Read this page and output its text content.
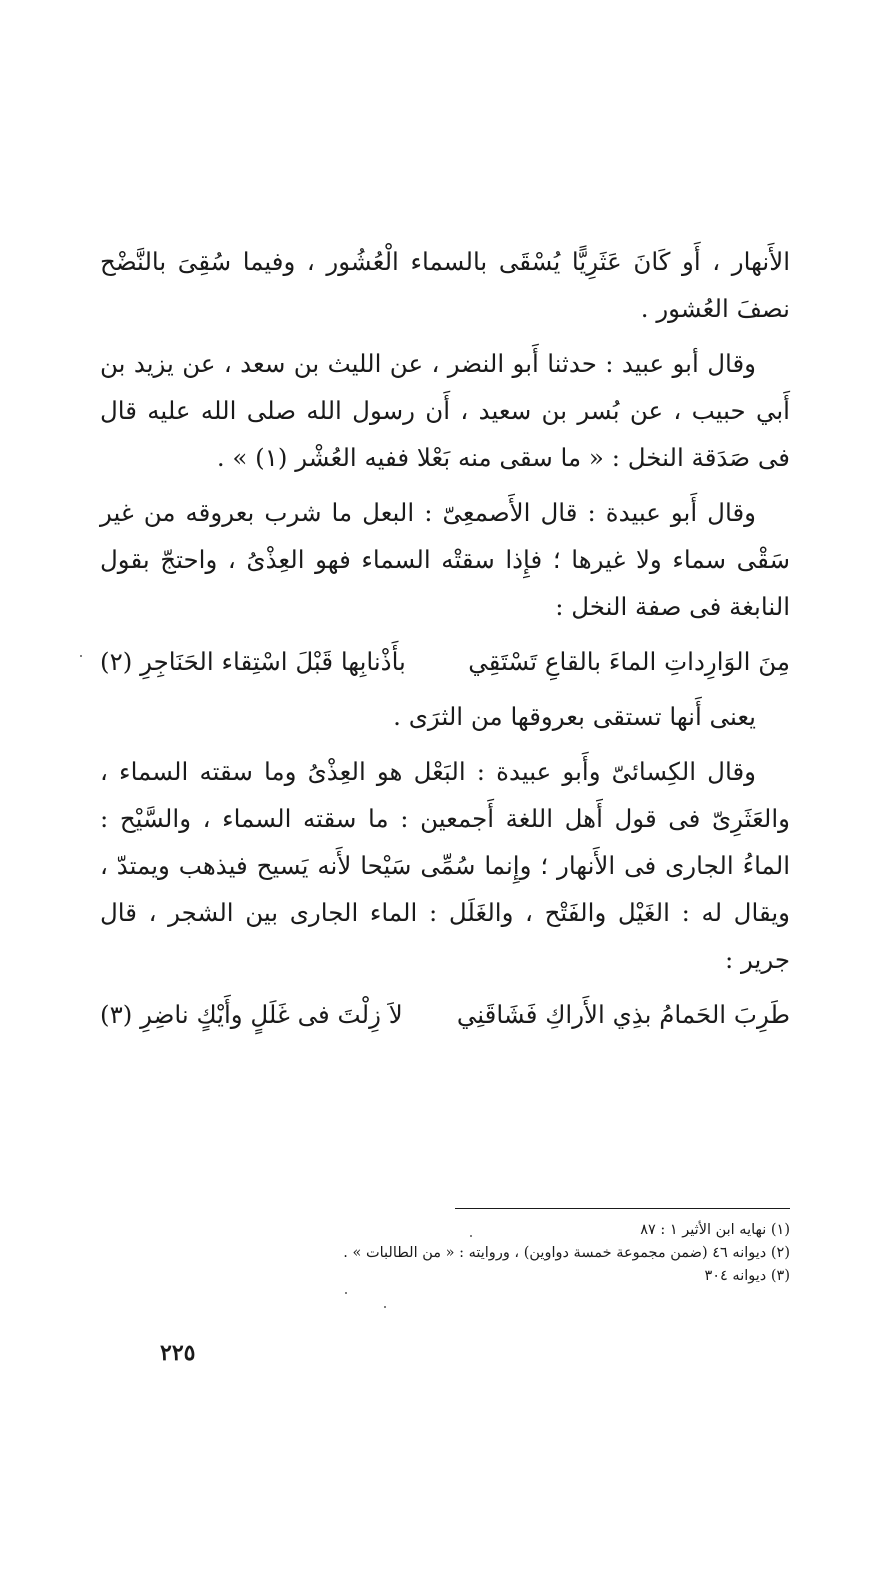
الأَنهار ، أَو كَانَ عَثَرِيًّا يُسْقَى بالسماء الْعُشُور ، وفيما سُقِىَ بالنَّضْح نصفَ العُشور .

وقال أبو عبيد : حدثنا أَبو النضر ، عن الليث بن سعد ، عن يزيد بن أَبي حبيب ، عن بُسر بن سعيد ، أَن رسول الله صلى الله عليه قال فى صَدَقة النخل : « ما سقى منه بَعْلا ففيه العُشْر (١) » .

وقال أَبو عبيدة : قال الأَصمعِىّ : البعل ما شرب بعروقه من غير سَقْى سماء ولا غيرها ؛ فإِذا سقتْه السماء فهو العِذْىُ ، واحتجّ بقول النابغة فى صفة النخل :

مِنَ الوَارِداتِ الماءَ بالقاعِ تَسْتَقِي
بأَذْنابِها قَبْلَ اسْتِقاء الحَنَاجِرِ (٢)

يعنى أَنها تستقى بعروقها من الثرَى .

وقال الكِسائىّ وأَبو عبيدة : البَعْل هو العِذْىُ وما سقته السماء ، والعَثَرِىّ فى قول أَهل اللغة أَجمعين : ما سقته السماء ، والسَّيْح : الماءُ الجارى فى الأَنهار ؛ وإِنما سُمِّى سَيْحا لأَنه يَسيح فيذهب ويمتدّ ، ويقال له : الغَيْل والفَتْح ، والغَلَل : الماء الجارى بين الشجر ، قال جرير :

طَرِبَ الحَمامُ بذِي الأَراكِ فَشَاقَنِي
لاَ زِلْتَ فى غَلَلٍ وأَيْكٍ ناضِرِ (٣)

(١) نهايه ابن الأثير ١ : ٨٧

(٢) ديوانه ٤٦ (ضمن مجموعة خمسة دواوين) ، وروايته : « من الطالبات » .

(٣) ديوانه ٣٠٤

٢٢٥
